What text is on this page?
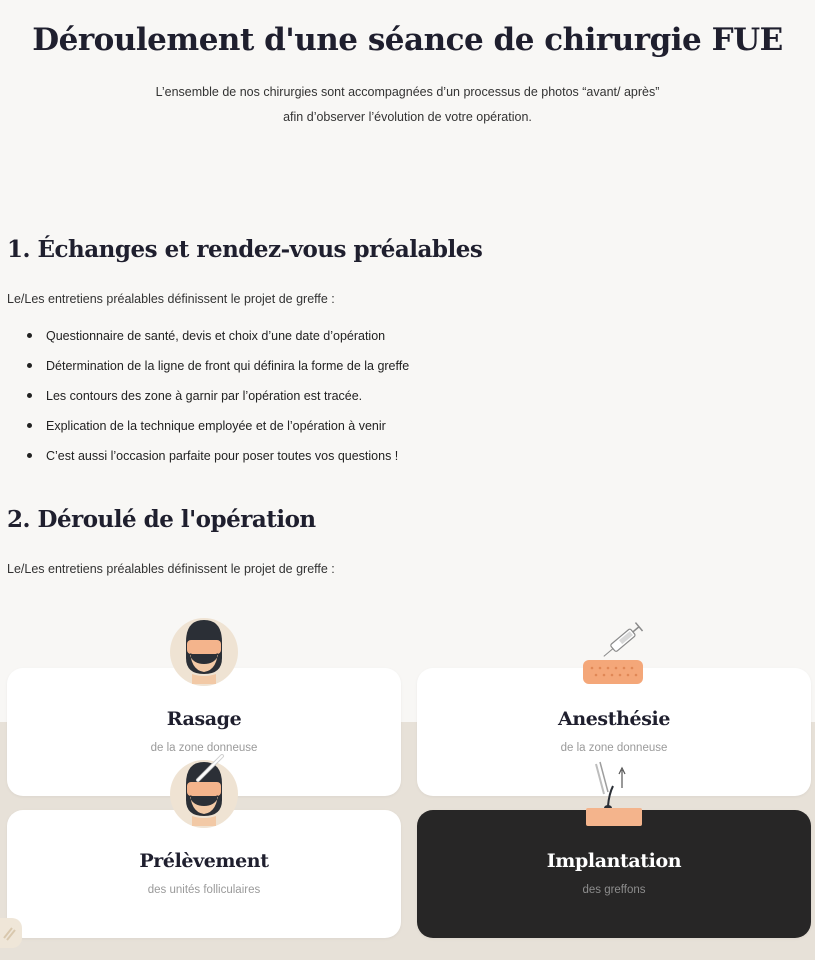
Déroulement d'une séance de chirurgie FUE
L’ensemble de nos chirurgies sont accompagnées d’un processus de photos “avant/ après”
afin d’observer l’évolution de votre opération.
1. Échanges et rendez-vous préalables

Le/Les entretiens préalables définissent le projet de greffe :

Questionnaire de santé, devis et choix d’une date d’opération
Détermination de la ligne de front qui définira la forme de la greffe
Les contours des zone à garnir par l’opération est tracée.
Explication de la technique employée et de l’opération à venir
C’est aussi l’occasion parfaite pour poser toutes vos questions !
2. Déroulé de l'opération

Le/Les entretiens préalables définissent le projet de greffe :

Rasage
de la zone donneuse
Anesthésie
de la zone donneuse
Prélèvement
des unités folliculaires
Implantation
des greffons
